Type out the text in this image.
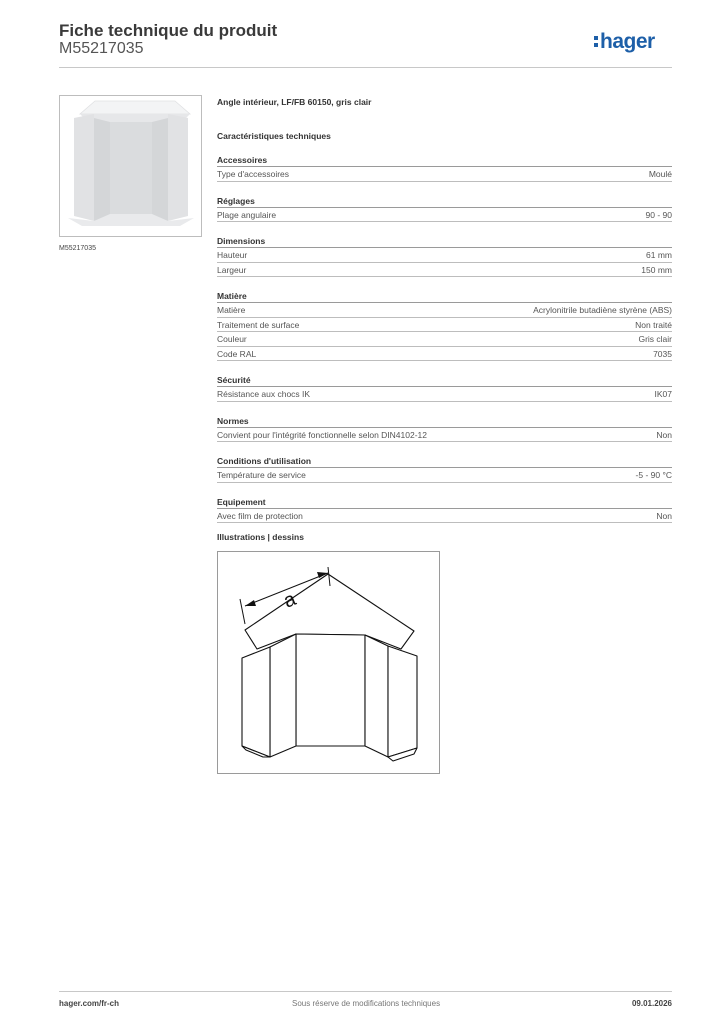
Fiche technique du produit
M55217035	hager
M55217035
Angle intérieur, LF/FB 60150, gris clair
Caractéristiques techniques
Accessoires
Type d'accessoires	Moulé
Réglages
Plage angulaire	90 - 90
Dimensions
Hauteur	61 mm
Largeur	150 mm
Matière
Matière	Acrylonitrile butadiène styrène (ABS)
Traitement de surface	Non traité
Couleur	Gris clair
Code RAL	7035
Sécurité
Résistance aux chocs IK	IK07
Normes
Convient pour l'intégrité fonctionnelle selon DIN4102-12	Non
Conditions d'utilisation
Température de service	-5 - 90 °C
Equipement
Avec film de protection	Non
Illustrations | dessins
a
hager.com/fr-ch	Sous réserve de modifications techniques	09.01.2026
